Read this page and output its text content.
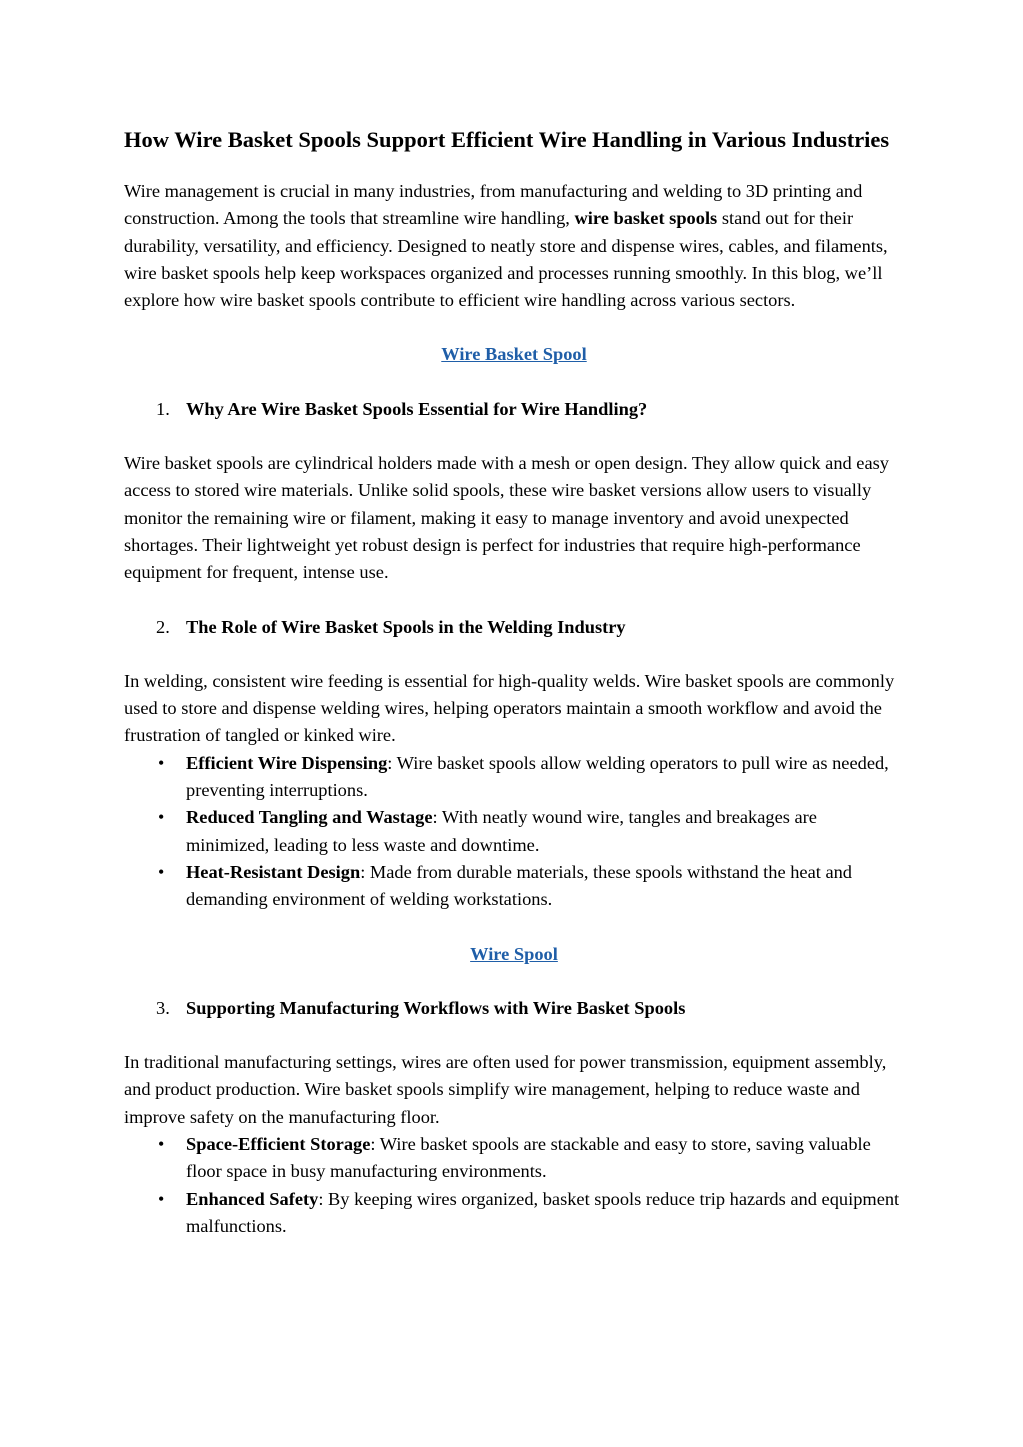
How Wire Basket Spools Support Efficient Wire Handling in Various Industries

Wire management is crucial in many industries, from manufacturing and welding to 3D printing and construction. Among the tools that streamline wire handling, wire basket spools stand out for their durability, versatility, and efficiency. Designed to neatly store and dispense wires, cables, and filaments, wire basket spools help keep workspaces organized and processes running smoothly. In this blog, we’ll explore how wire basket spools contribute to efficient wire handling across various sectors.

Wire Basket Spool
1. Why Are Wire Basket Spools Essential for Wire Handling?

Wire basket spools are cylindrical holders made with a mesh or open design. They allow quick and easy access to stored wire materials. Unlike solid spools, these wire basket versions allow users to visually monitor the remaining wire or filament, making it easy to manage inventory and avoid unexpected shortages. Their lightweight yet robust design is perfect for industries that require high-performance equipment for frequent, intense use.

2. The Role of Wire Basket Spools in the Welding Industry

In welding, consistent wire feeding is essential for high-quality welds. Wire basket spools are commonly used to store and dispense welding wires, helping operators maintain a smooth workflow and avoid the frustration of tangled or kinked wire.

• Efficient Wire Dispensing: Wire basket spools allow welding operators to pull wire as needed, preventing interruptions.
• Reduced Tangling and Wastage: With neatly wound wire, tangles and breakages are minimized, leading to less waste and downtime.
• Heat-Resistant Design: Made from durable materials, these spools withstand the heat and demanding environment of welding workstations.
Wire Spool
3. Supporting Manufacturing Workflows with Wire Basket Spools

In traditional manufacturing settings, wires are often used for power transmission, equipment assembly, and product production. Wire basket spools simplify wire management, helping to reduce waste and improve safety on the manufacturing floor.

• Space-Efficient Storage: Wire basket spools are stackable and easy to store, saving valuable floor space in busy manufacturing environments.
• Enhanced Safety: By keeping wires organized, basket spools reduce trip hazards and equipment malfunctions.
